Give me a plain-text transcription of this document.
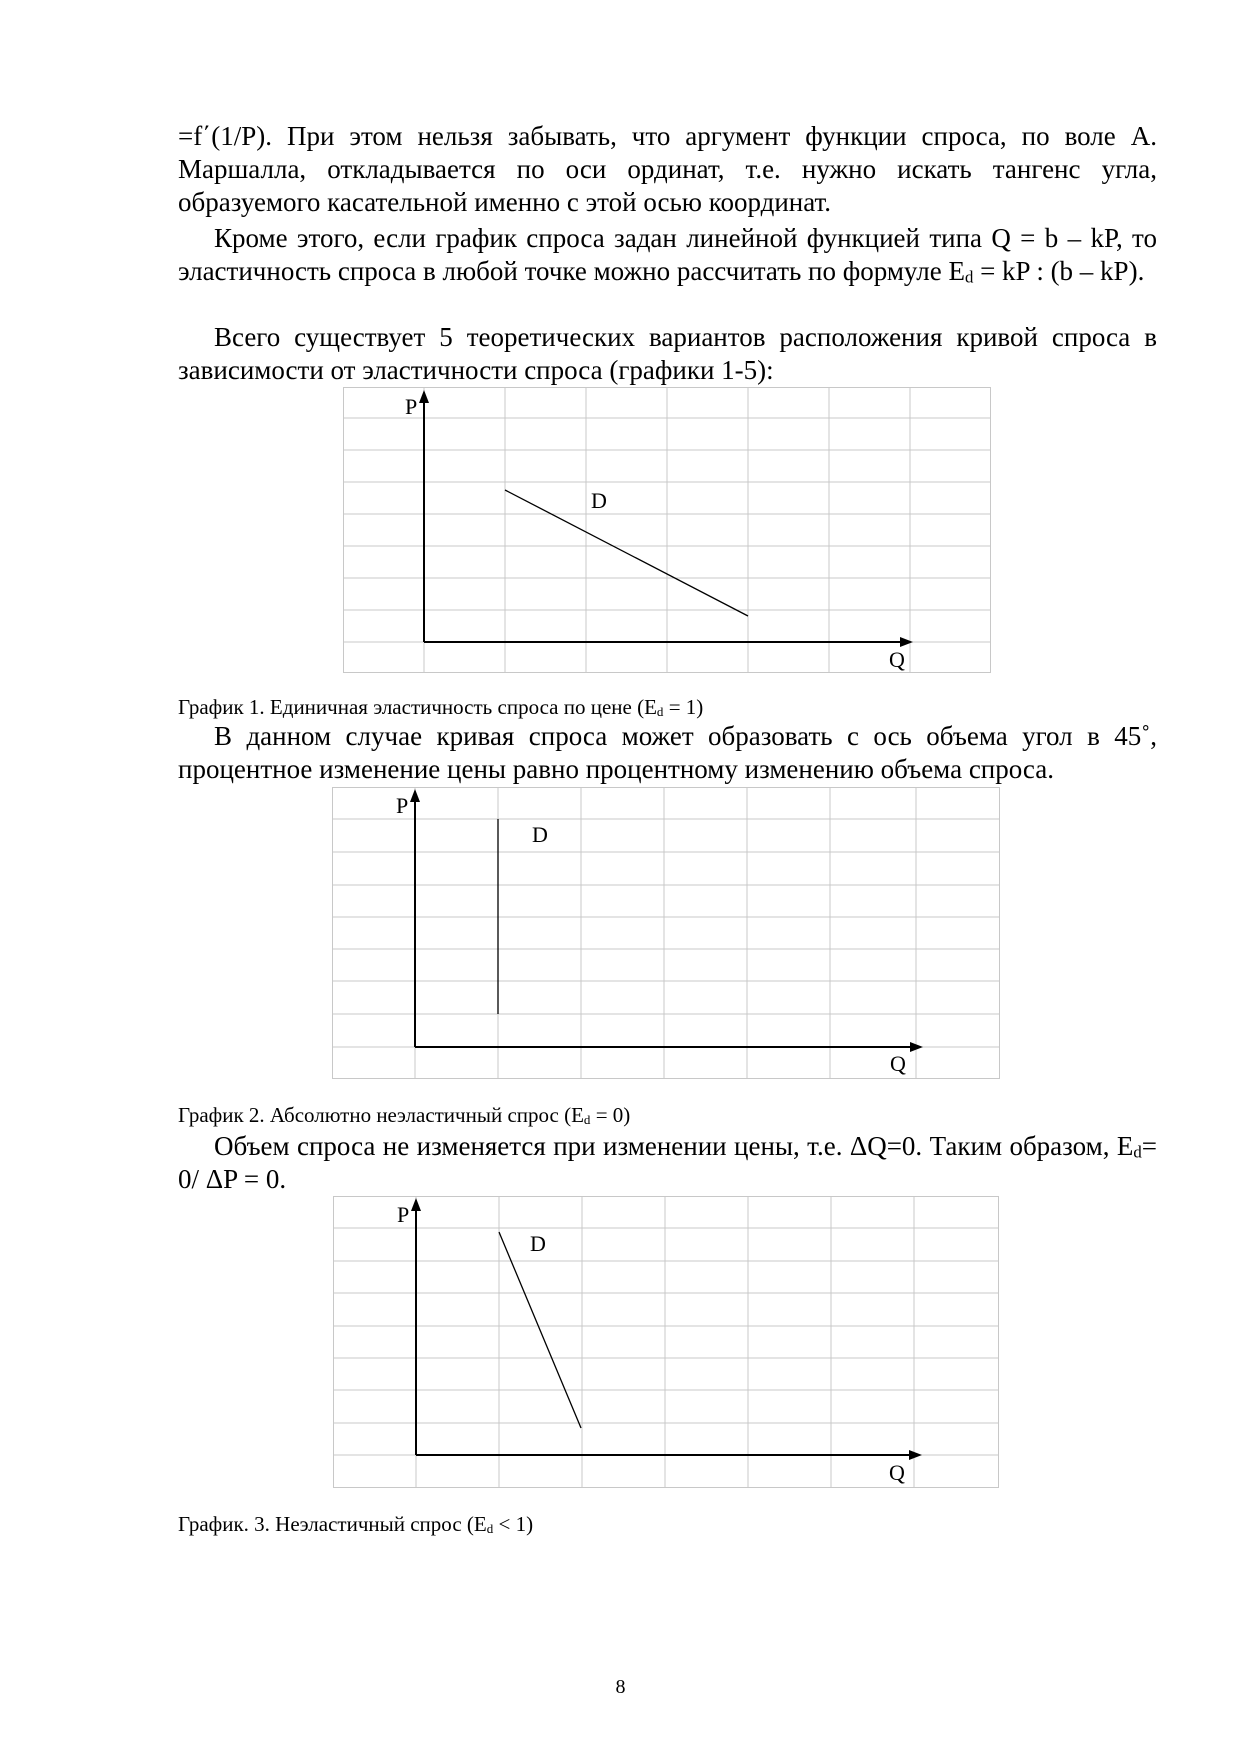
=f΄(1/P). При этом нельзя забывать, что аргумент функции спроса, по воле А. Маршалла, откладывается по оси ординат, т.е. нужно искать тангенс угла, образуемого касательной именно с этой осью координат.
Кроме этого, если график спроса задан линейной функцией типа Q = b – kP, то эластичность спроса в любой точке можно рассчитать по формуле $E_d$ = kP : (b – kP).
Всего существует 5 теоретических вариантов расположения кривой спроса в зависимости от эластичности спроса (графики 1-5):
P
Q
D
График 1. Единичная эластичность спроса по цене $(E_d = 1)$
В данном случае кривая спроса может образовать с ось объема угол в 45˚, процентное изменение цены равно процентному изменению объема спроса.
P
Q
D
График 2. Абсолютно неэластичный спрос $(E_d = 0)$
Объем спроса не изменяется при изменении цены, т.е. ΔQ=0. Таким образом, $E_d= 0/$ ΔP = 0.
P
Q
D
График. 3. Неэластичный спрос $(E_d < 1)$
8
